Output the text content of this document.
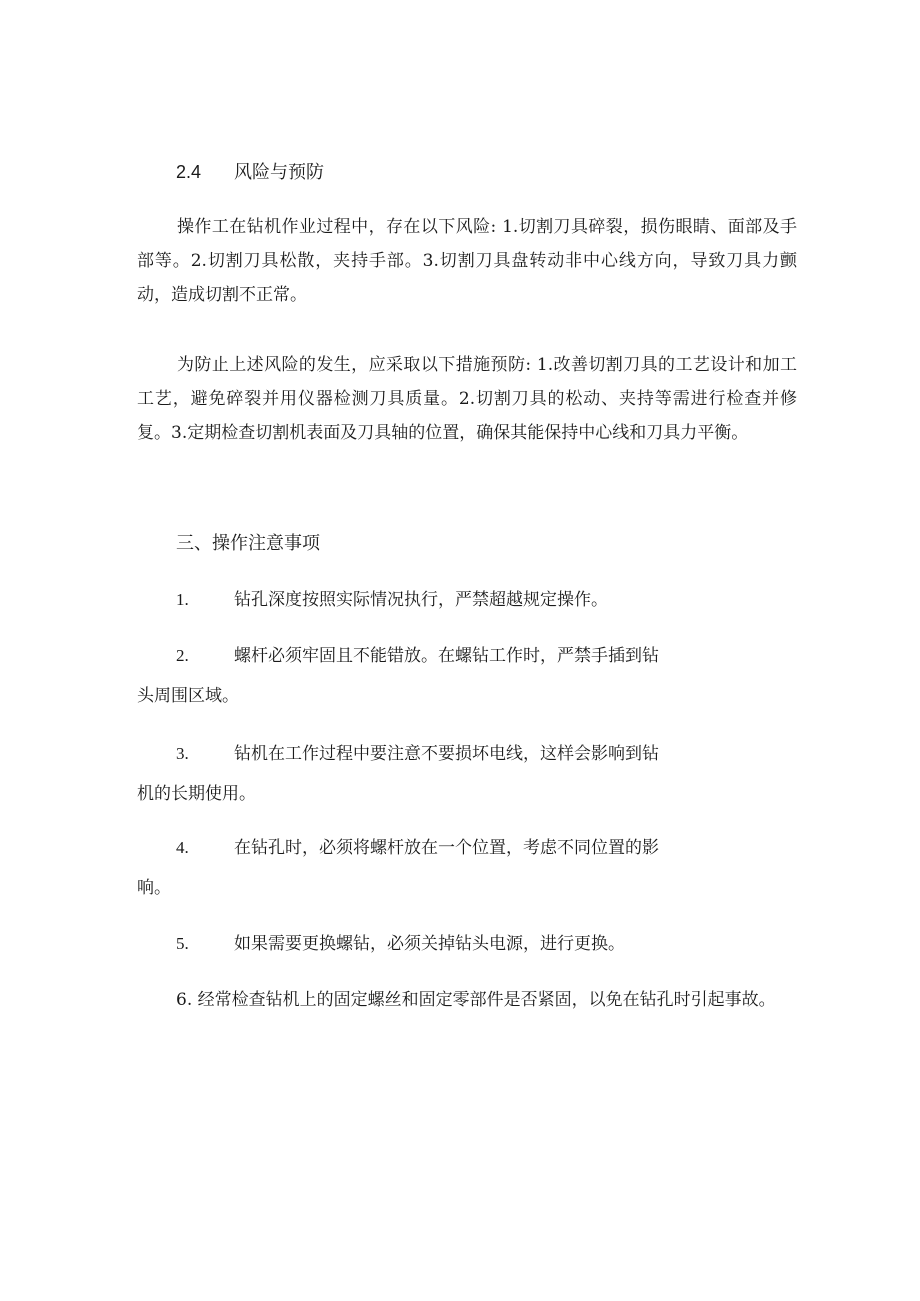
2.4 风险与预防

操作工在钻机作业过程中，存在以下风险: 1.切割刀具碎裂，损伤眼睛、面部及手部等。2.切割刀具松散，夹持手部。3.切割刀具盘转动非中心线方向，导致刀具力颤动，造成切割不正常。

为防止上述风险的发生，应采取以下措施预防: 1.改善切割刀具的工艺设计和加工工艺，避免碎裂并用仪器检测刀具质量。2.切割刀具的松动、夹持等需进行检查并修复。3.定期检查切割机表面及刀具轴的位置，确保其能保持中心线和刀具力平衡。

三、操作注意事项
1.	钻孔深度按照实际情况执行，严禁超越规定操作。
2.	螺杆必须牢固且不能错放。在螺钻工作时，严禁手插到钻
头周围区域。
3.	钻机在工作过程中要注意不要损坏电线，这样会影响到钻
机的长期使用。
4.	在钻孔时，必须将螺杆放在一个位置，考虑不同位置的影
响。
5.	如果需要更换螺钻，必须关掉钻头电源，进行更换。

6. 经常检查钻机上的固定螺丝和固定零部件是否紧固，以免在钻孔时引起事故。
